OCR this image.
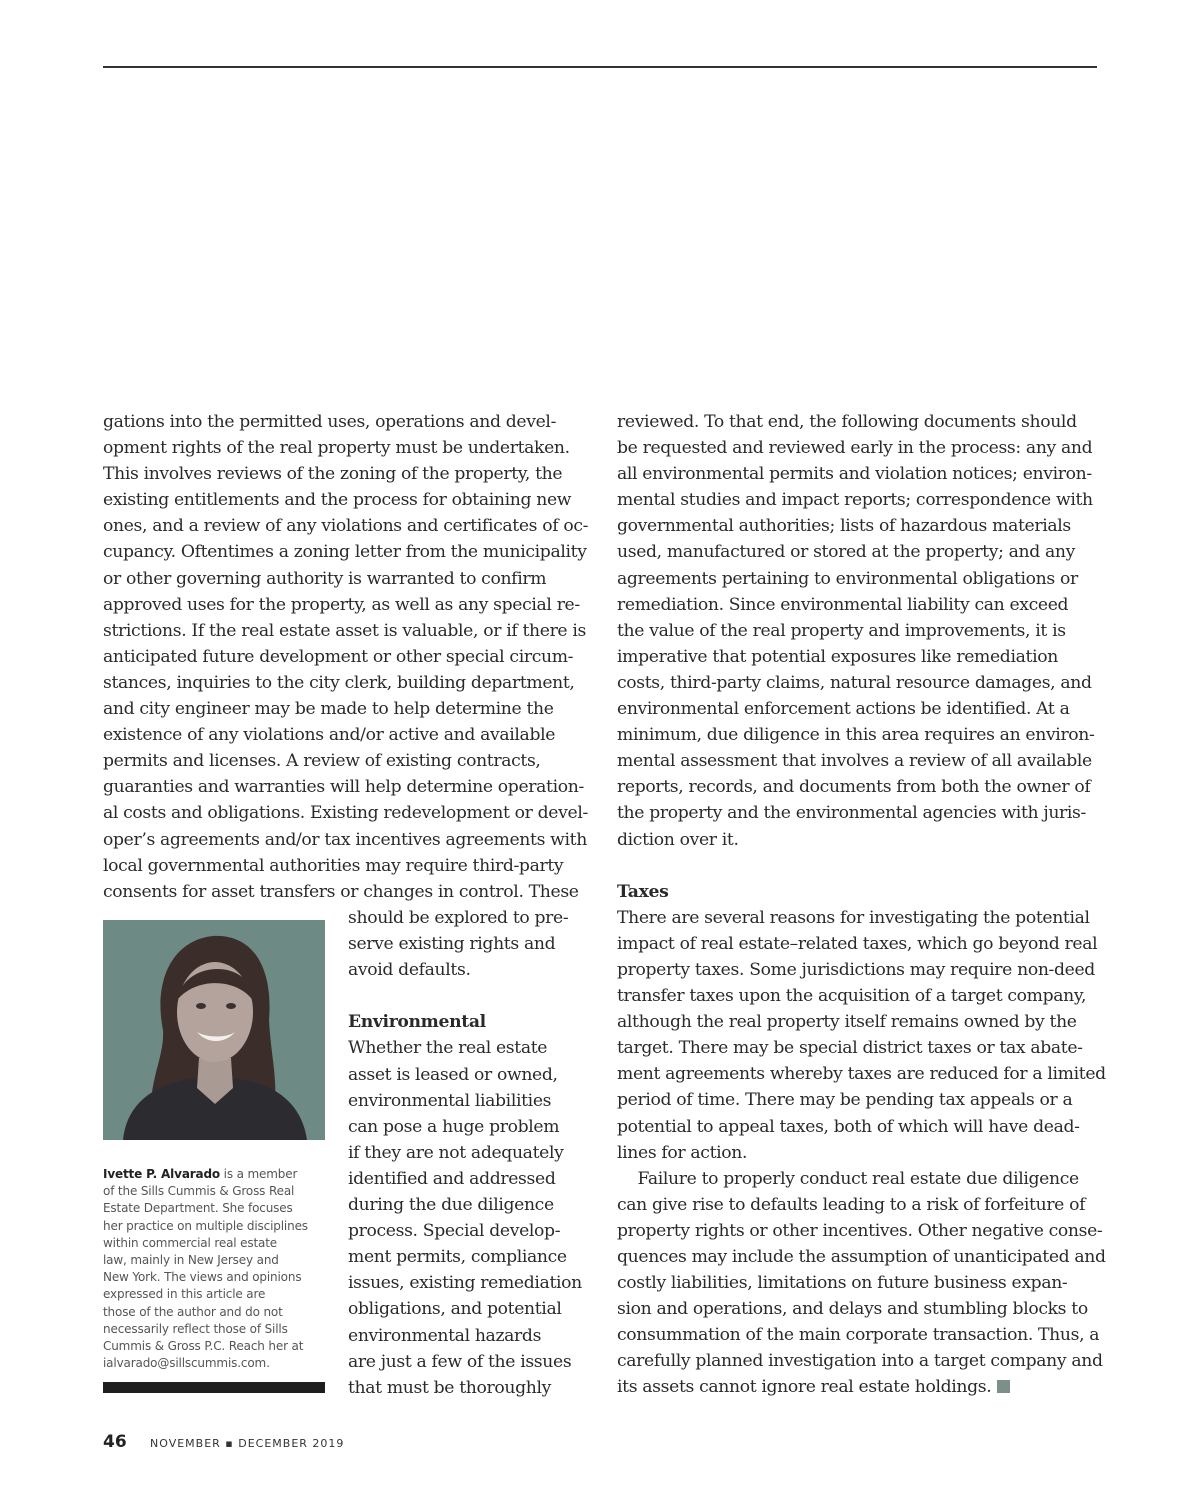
gations into the permitted uses, operations and devel-
opment rights of the real property must be undertaken.
This involves reviews of the zoning of the property, the
existing entitlements and the process for obtaining new
ones, and a review of any violations and certificates of oc-
cupancy. Oftentimes a zoning letter from the municipality
or other governing authority is warranted to confirm
approved uses for the property, as well as any special re-
strictions. If the real estate asset is valuable, or if there is
anticipated future development or other special circum-
stances, inquiries to the city clerk, building department,
and city engineer may be made to help determine the
existence of any violations and/or active and available
permits and licenses. A review of existing contracts,
guaranties and warranties will help determine operation-
al costs and obligations. Existing redevelopment or devel-
oper’s agreements and/or tax incentives agreements with
local governmental authorities may require third-party
consents for asset transfers or changes in control. These
Ivette P. Alvarado is a member
of the Sills Cummis & Gross Real
Estate Department. She focuses
her practice on multiple disciplines
within commercial real estate
law, mainly in New Jersey and
New York. The views and opinions
expressed in this article are
those of the author and do not
necessarily reflect those of Sills
Cummis & Gross P.C. Reach her at
ialvarado@sillscummis.com.
should be explored to pre-
serve existing rights and
avoid defaults.
Environmental
Whether the real estate
asset is leased or owned,
environmental liabilities
can pose a huge problem
if they are not adequately
identified and addressed
during the due diligence
process. Special develop-
ment permits, compliance
issues, existing remediation
obligations, and potential
environmental hazards
are just a few of the issues
that must be thoroughly
reviewed. To that end, the following documents should
be requested and reviewed early in the process: any and
all environmental permits and violation notices; environ-
mental studies and impact reports; correspondence with
governmental authorities; lists of hazardous materials
used, manufactured or stored at the property; and any
agreements pertaining to environmental obligations or
remediation. Since environmental liability can exceed
the value of the real property and improvements, it is
imperative that potential exposures like remediation
costs, third-party claims, natural resource damages, and
environmental enforcement actions be identified. At a
minimum, due diligence in this area requires an environ-
mental assessment that involves a review of all available
reports, records, and documents from both the owner of
the property and the environmental agencies with juris-
diction over it.
Taxes
There are several reasons for investigating the potential
impact of real estate–related taxes, which go beyond real
property taxes. Some jurisdictions may require non-deed
transfer taxes upon the acquisition of a target company,
although the real property itself remains owned by the
target. There may be special district taxes or tax abate-
ment agreements whereby taxes are reduced for a limited
period of time. There may be pending tax appeals or a
potential to appeal taxes, both of which will have dead-
lines for action.
Failure to properly conduct real estate due diligence
can give rise to defaults leading to a risk of forfeiture of
property rights or other incentives. Other negative conse-
quences may include the assumption of unanticipated and
costly liabilities, limitations on future business expan-
sion and operations, and delays and stumbling blocks to
consummation of the main corporate transaction. Thus, a
carefully planned investigation into a target company and
its assets cannot ignore real estate holdings.
46 NOVEMBER ▪ DECEMBER 2019
